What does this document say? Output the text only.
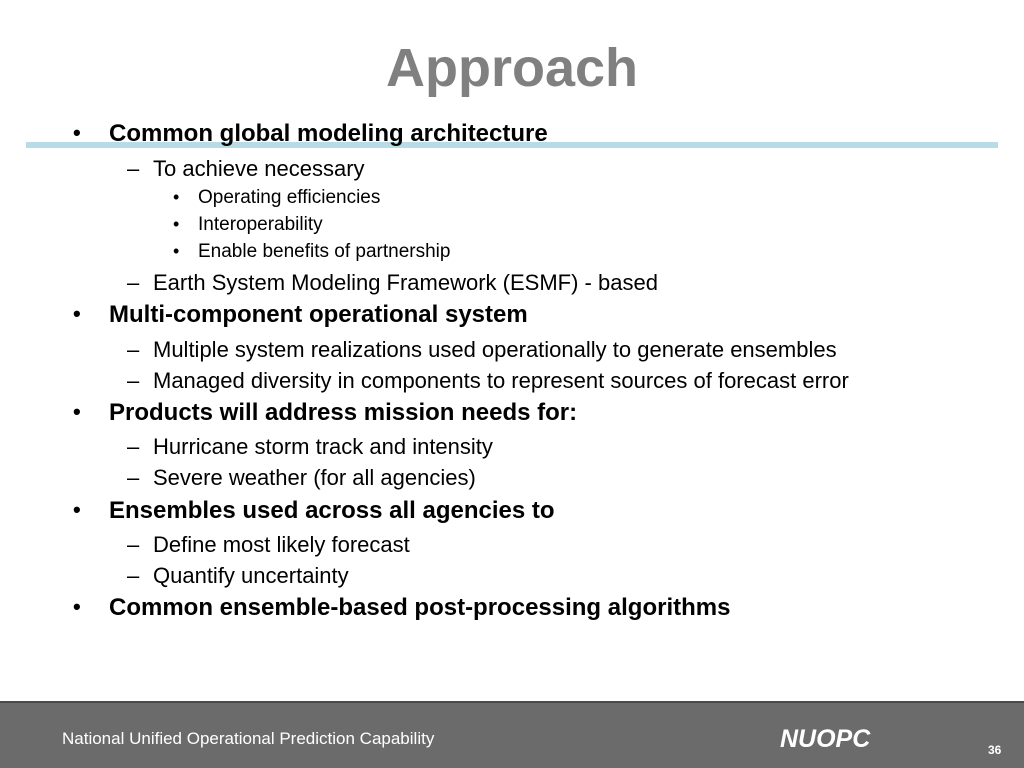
Approach
• Common global modeling architecture
– To achieve necessary
• Operating efficiencies
• Interoperability
• Enable benefits of partnership
– Earth System Modeling Framework (ESMF) - based
• Multi-component operational system
– Multiple system realizations used operationally to generate ensembles
– Managed diversity in components to represent sources of forecast error
• Products will address mission needs for:
– Hurricane storm track and intensity
– Severe weather (for all agencies)
• Ensembles used across all agencies to
– Define most likely forecast
– Quantify uncertainty
• Common ensemble-based post-processing algorithms
National Unified Operational Prediction Capability	NUOPC	36
